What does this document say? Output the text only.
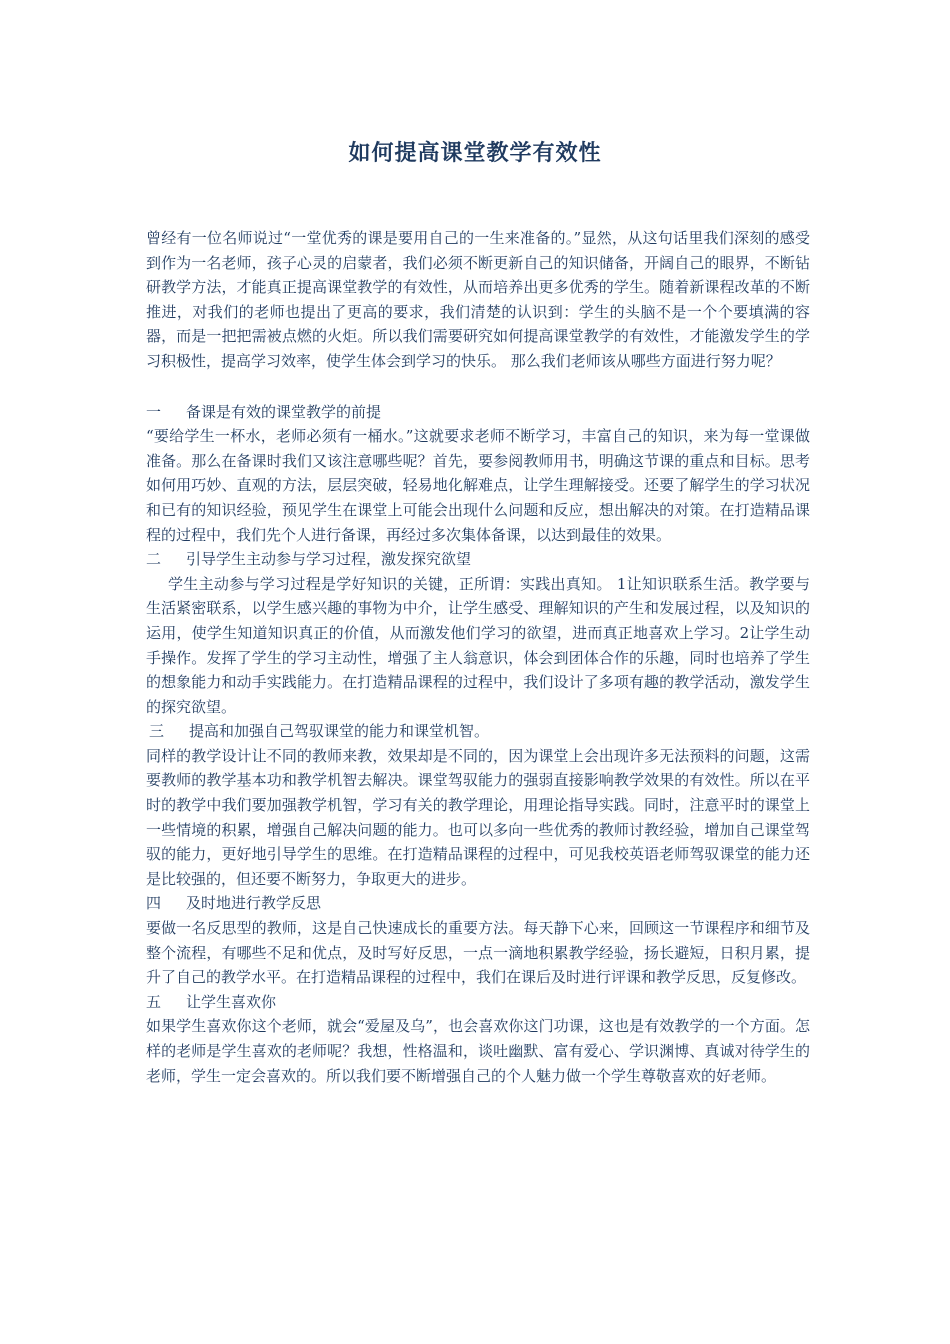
如何提高课堂教学有效性

曾经有一位名师说过“一堂优秀的课是要用自己的一生来准备的。”显然，从这句话里我们深刻的感受到作为一名老师，孩子心灵的启蒙者，我们必须不断更新自己的知识储备，开阔自己的眼界，不断钻研教学方法，才能真正提高课堂教学的有效性，从而培养出更多优秀的学生。随着新课程改革的不断推进，对我们的老师也提出了更高的要求，我们清楚的认识到：学生的头脑不是一个个要填满的容器，而是一把把需被点燃的火炬。所以我们需要研究如何提高课堂教学的有效性，才能激发学生的学习积极性，提高学习效率，使学生体会到学习的快乐。 那么我们老师该从哪些方面进行努力呢？

一 备课是有效的课堂教学的前提

“要给学生一杯水，老师必须有一桶水。”这就要求老师不断学习，丰富自己的知识，来为每一堂课做准备。那么在备课时我们又该注意哪些呢？首先，要参阅教师用书，明确这节课的重点和目标。思考如何用巧妙、直观的方法，层层突破，轻易地化解难点，让学生理解接受。还要了解学生的学习状况和已有的知识经验，预见学生在课堂上可能会出现什么问题和反应，想出解决的对策。在打造精品课程的过程中，我们先个人进行备课，再经过多次集体备课，以达到最佳的效果。

二 引导学生主动参与学习过程，激发探究欲望

学生主动参与学习过程是学好知识的关键，正所谓：实践出真知。 1让知识联系生活。教学要与生活紧密联系，以学生感兴趣的事物为中介，让学生感受、理解知识的产生和发展过程，以及知识的运用，使学生知道知识真正的价值，从而激发他们学习的欲望，进而真正地喜欢上学习。2让学生动手操作。发挥了学生的学习主动性，增强了主人翁意识，体会到团体合作的乐趣，同时也培养了学生的想象能力和动手实践能力。在打造精品课程的过程中，我们设计了多项有趣的教学活动，激发学生的探究欲望。

三 提高和加强自己驾驭课堂的能力和课堂机智。

同样的教学设计让不同的教师来教，效果却是不同的，因为课堂上会出现许多无法预料的问题，这需要教师的教学基本功和教学机智去解决。课堂驾驭能力的强弱直接影响教学效果的有效性。所以在平时的教学中我们要加强教学机智，学习有关的教学理论，用理论指导实践。同时，注意平时的课堂上一些情境的积累，增强自己解决问题的能力。也可以多向一些优秀的教师讨教经验，增加自己课堂驾驭的能力，更好地引导学生的思维。在打造精品课程的过程中，可见我校英语老师驾驭课堂的能力还是比较强的，但还要不断努力，争取更大的进步。

四 及时地进行教学反思

要做一名反思型的教师，这是自己快速成长的重要方法。每天静下心来，回顾这一节课程序和细节及整个流程，有哪些不足和优点，及时写好反思，一点一滴地积累教学经验，扬长避短，日积月累，提升了自己的教学水平。在打造精品课程的过程中，我们在课后及时进行评课和教学反思，反复修改。

五 让学生喜欢你

如果学生喜欢你这个老师，就会“爱屋及乌”，也会喜欢你这门功课，这也是有效教学的一个方面。怎样的老师是学生喜欢的老师呢？我想，性格温和，谈吐幽默、富有爱心、学识渊博、真诚对待学生的老师，学生一定会喜欢的。所以我们要不断增强自己的个人魅力做一个学生尊敬喜欢的好老师。
